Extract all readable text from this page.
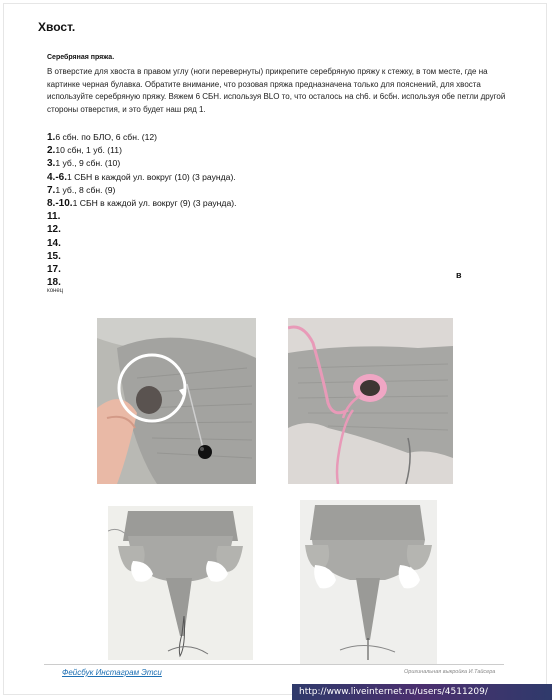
Хвост.
Серебряная пряжа.
В отверстие для хвоста в правом углу (ноги перевернуты) прикрепите серебряную пряжу к стежку, в том месте, где на картинке черная булавка. Обратите внимание, что розовая пряжа предназначена только для пояснений, для хвоста используйте серебряную пряжу. Вяжем 6 СБН. используя BLO то, что осталось на ch6. и 6сбн. используя обе петли другой стороны отверстия, и это будет наш ряд 1.
1.6 сбн. по БЛО, 6 сбн. (12)
2.10 сбн, 1 уб. (11)
3.1 уб., 9 сбн. (10)
4.-6.1 СБН в каждой ул. вокруг (10) (3 раунда).
7.1 уб., 8 сбн. (9)
8.-10.1 СБН в каждой ул. вокруг (9) (3 раунда).
11.
12.
14.
15.
17.
18.
в
конец
Фейсбук Инстаграм Этси	Оригинальная выкройка И.Тайсера
http://www.liveinternet.ru/users/4511209/
